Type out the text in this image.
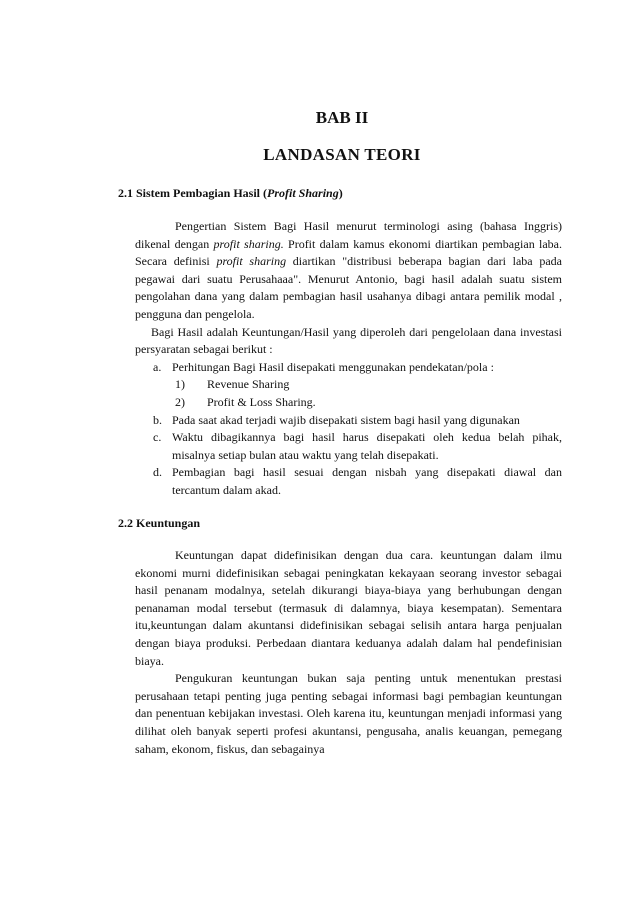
BAB II
LANDASAN TEORI
2.1 Sistem Pembagian Hasil (Profit Sharing)

Pengertian Sistem Bagi Hasil menurut terminologi asing (bahasa Inggris) dikenal dengan profit sharing. Profit dalam kamus ekonomi diartikan pembagian laba. Secara definisi profit sharing diartikan "distribusi beberapa bagian dari laba pada pegawai dari suatu Perusahaaa". Menurut Antonio, bagi hasil adalah suatu sistem pengolahan dana yang dalam pembagian hasil usahanya dibagi antara pemilik modal , pengguna dan pengelola.

Bagi Hasil adalah Keuntungan/Hasil yang diperoleh dari pengelolaan dana investasi persyaratan sebagai berikut :

a. Perhitungan Bagi Hasil disepakati menggunakan pendekatan/pola :
1) Revenue Sharing
2) Profit & Loss Sharing.
b. Pada saat akad terjadi wajib disepakati sistem bagi hasil yang digunakan
c. Waktu dibagikannya bagi hasil harus disepakati oleh kedua belah pihak, misalnya setiap bulan atau waktu yang telah disepakati.
d. Pembagian bagi hasil sesuai dengan nisbah yang disepakati diawal dan tercantum dalam akad.
2.2 Keuntungan

Keuntungan dapat didefinisikan dengan dua cara. keuntungan dalam ilmu ekonomi murni didefinisikan sebagai peningkatan kekayaan seorang investor sebagai hasil penanam modalnya, setelah dikurangi biaya-biaya yang berhubungan dengan penanaman modal tersebut (termasuk di dalamnya, biaya kesempatan). Sementara itu,keuntungan dalam akuntansi didefinisikan sebagai selisih antara harga penjualan dengan biaya produksi. Perbedaan diantara keduanya adalah dalam hal pendefinisian biaya.

Pengukuran keuntungan bukan saja penting untuk menentukan prestasi perusahaan tetapi penting juga penting sebagai informasi bagi pembagian keuntungan dan penentuan kebijakan investasi. Oleh karena itu, keuntungan menjadi informasi yang dilihat oleh banyak seperti profesi akuntansi, pengusaha, analis keuangan, pemegang saham, ekonom, fiskus, dan sebagainya
